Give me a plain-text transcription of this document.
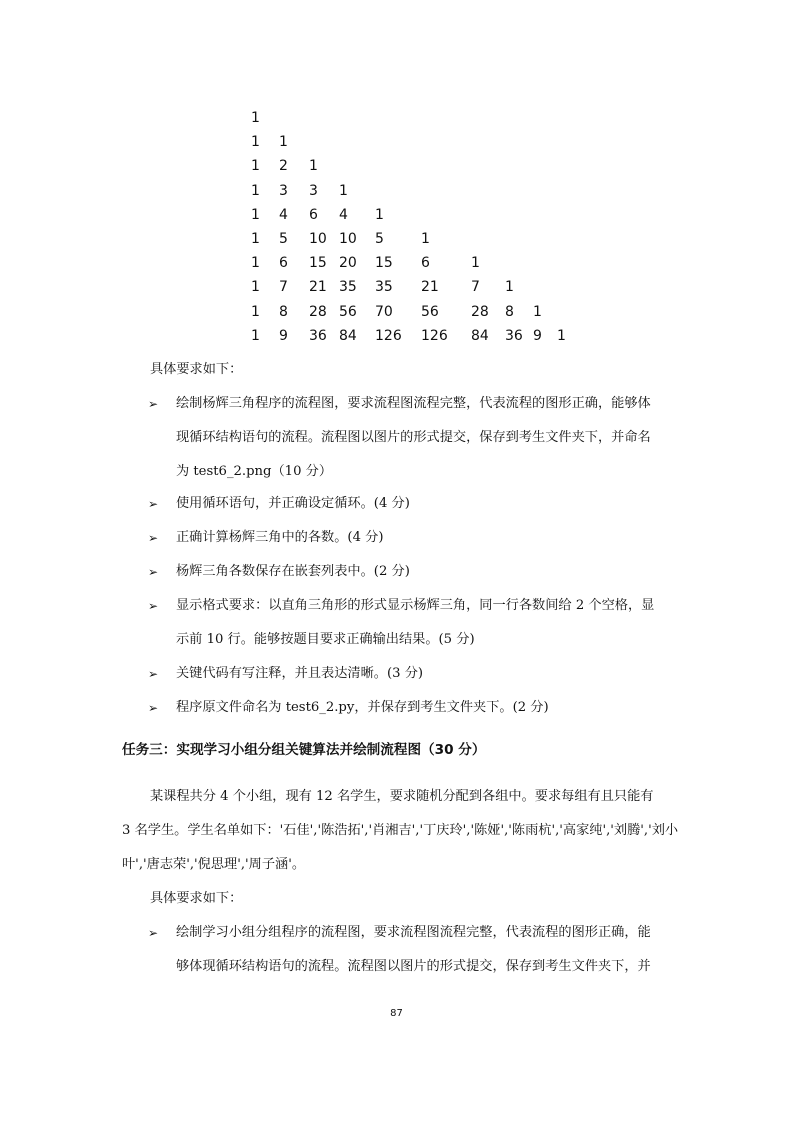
1
1 1
1 2 1
1 3 3 1
1 4 6 4 1
1 5 10 10 5	1
1 6 15 20 15 6	1
1 7 21 35 35 21 7 1
1 8 28 56 70 56 28 8 1
1 9 36 84 126 126 84 36 9 1
具体要求如下：
➢ 绘制杨辉三角程序的流程图，要求流程图流程完整，代表流程的图形正确，能够体
现循环结构语句的流程。流程图以图片的形式提交，保存到考生文件夹下，并命名
为 test6_2.png（10 分）
➢ 使用循环语句，并正确设定循环。(4 分)
➢ 正确计算杨辉三角中的各数。(4 分)
➢ 杨辉三角各数保存在嵌套列表中。(2 分)
➢ 显示格式要求：以直角三角形的形式显示杨辉三角，同一行各数间给 2 个空格，显
示前 10 行。能够按题目要求正确输出结果。(5 分)
➢ 关键代码有写注释，并且表达清晰。(3 分)
➢ 程序原文件命名为 test6_2.py，并保存到考生文件夹下。(2 分)
任务三：实现学习小组分组关键算法并绘制流程图（30 分）
某课程共分 4 个小组，现有 12 名学生，要求随机分配到各组中。要求每组有且只能有
3 名学生。学生名单如下：'石佳','陈浩拓','肖湘吉','丁庆玲','陈娅','陈雨杭','高家纯','刘腾','刘小
叶','唐志荣','倪思理','周子涵'。
具体要求如下：
➢ 绘制学习小组分组程序的流程图，要求流程图流程完整，代表流程的图形正确，能
够体现循环结构语句的流程。流程图以图片的形式提交，保存到考生文件夹下，并
87
